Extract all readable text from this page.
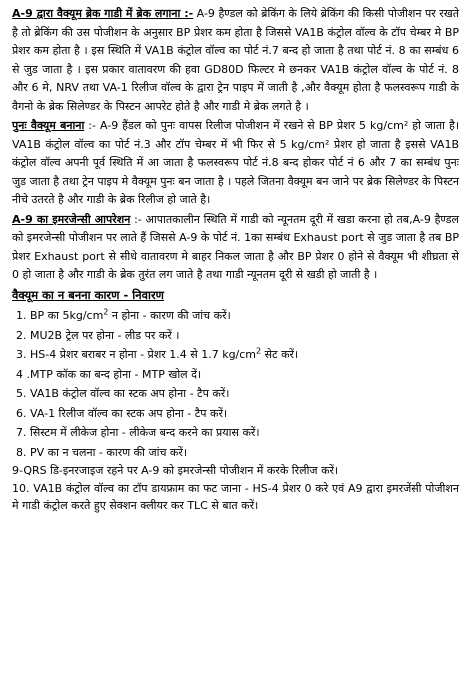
A-9 द्वारा वैक्यूम ब्रेक गाडी में ब्रेक लगाना :- A-9 हैण्डल को ब्रेकिंग के लिये ब्रेकिंग की किसी पोजीशन पर रखते है तो ब्रेकिंग की उस पोजीशन के अनुसार BP प्रेशर कम होता है जिससे VA1B कंट्रोल वॉल्व के टॉप चेम्बर मे BP प्रेशर कम होता है । इस स्थिति में VA1B कंट्रोल वॉल्व का पोर्ट नं.7 बन्द हो जाता है तथा पोर्ट नं. 8 का सम्बंध 6 से जुड जाता है । इस प्रकार वातावरण की हवा GD80D फिल्टर मे छनकर VA1B कंट्रोल वॉल्व के पोर्ट नं. 8 और 6 मे, NRV तथा VA-1 रिलीज वॉल्व के द्वारा ट्रेन पाइप में जाती है ,और वैक्यूम होता है फलस्वरूप गाडी के वैगनो के ब्रेक सिलेण्डर के पिस्टन आपरेट होते है और गाडी मे ब्रेक लगते है ।

पुनः वैक्यूम बनाना :- A-9 हैंडल को पुनः वापस रिलीज पोजीशन में रखने से BP प्रेशर 5 kg/cm² हो जाता है। VA1B कंट्रोल वॉल्व का पोर्ट नं.3 और टॉप चेम्बर में भी फिर से 5 kg/cm² प्रेशर हो जाता है इससे VA1B कंट्रोल वॉल्व अपनी पूर्व स्थिति में आ जाता है फलस्वरूप पोर्ट नं.8 बन्द होकर पोर्ट नं 6 और 7 का सम्बंध पुनः जुड जाता है तथा ट्रेन पाइप मे वैक्यूम पुनः बन जाता है । पहले जितना वैक्यूम बन जाने पर ब्रेक सिलेण्डर के पिस्टन नीचे उतरते है और गाडी के ब्रेक रिलीज हो जाते है।

A-9 का इमरजेन्सी आपरेशन :- आपातकालीन स्थिति में गाडी को न्यूनतम दूरी में खडा करना हो तब,A-9 हैण्डल को इमरजेन्सी पोजीशन पर लाते हैं जिससे A-9 के पोर्ट नं. 1का सम्बंध Exhaust port से जुड जाता है तब BP प्रेशर Exhaust port से सीधे वातावरण मे बाहर निकल जाता है और BP प्रेशर 0 होने से वैक्यूम भी शीघ्रता से 0 हो जाता है और गाडी के ब्रेक तुरंत लग जाते है तथा गाडी न्यूनतम दूरी से खडी हो जाती है ।

वैक्यूम का न बनना कारण - निवारण
1. BP का $5kg/cm^2$ न होना - कारण की जांच करें।
2. MU2B ट्रेल पर होना - लीड पर करें ।
3. HS-4 प्रेशर बराबर न होना - प्रेशर 1.4 से 1.7 $kg/cm^2$ सेट करें।
4 .MTP कॉक का बन्द होना - MTP खोल दें।
5. VA1B कंट्रोल वॉल्व का स्टक अप होना - टैप करें।
6. VA-1 रिलीज वॉल्व का स्टक अप होना - टैप करें।
7. सिस्टम में लीकेज होना - लीकेज बन्द करने का प्रयास करें।
8. PV का न चलना - कारण की जांच करें।
9-QRS डि-इनरजाइज रहने पर A-9 को इमरजेन्सी पोजीशन में करके रिलीज करें।
10. VA1B कंट्रोल वॉल्व का टॉप डायफ्राम का फट जाना - HS-4 प्रेशर 0 करे एवं A9 द्वारा इमरजेंसी पोजीशन मे गाडी कंट्रोल करते हुए सेक्शन क्लीयर कर TLC से बात करें।
